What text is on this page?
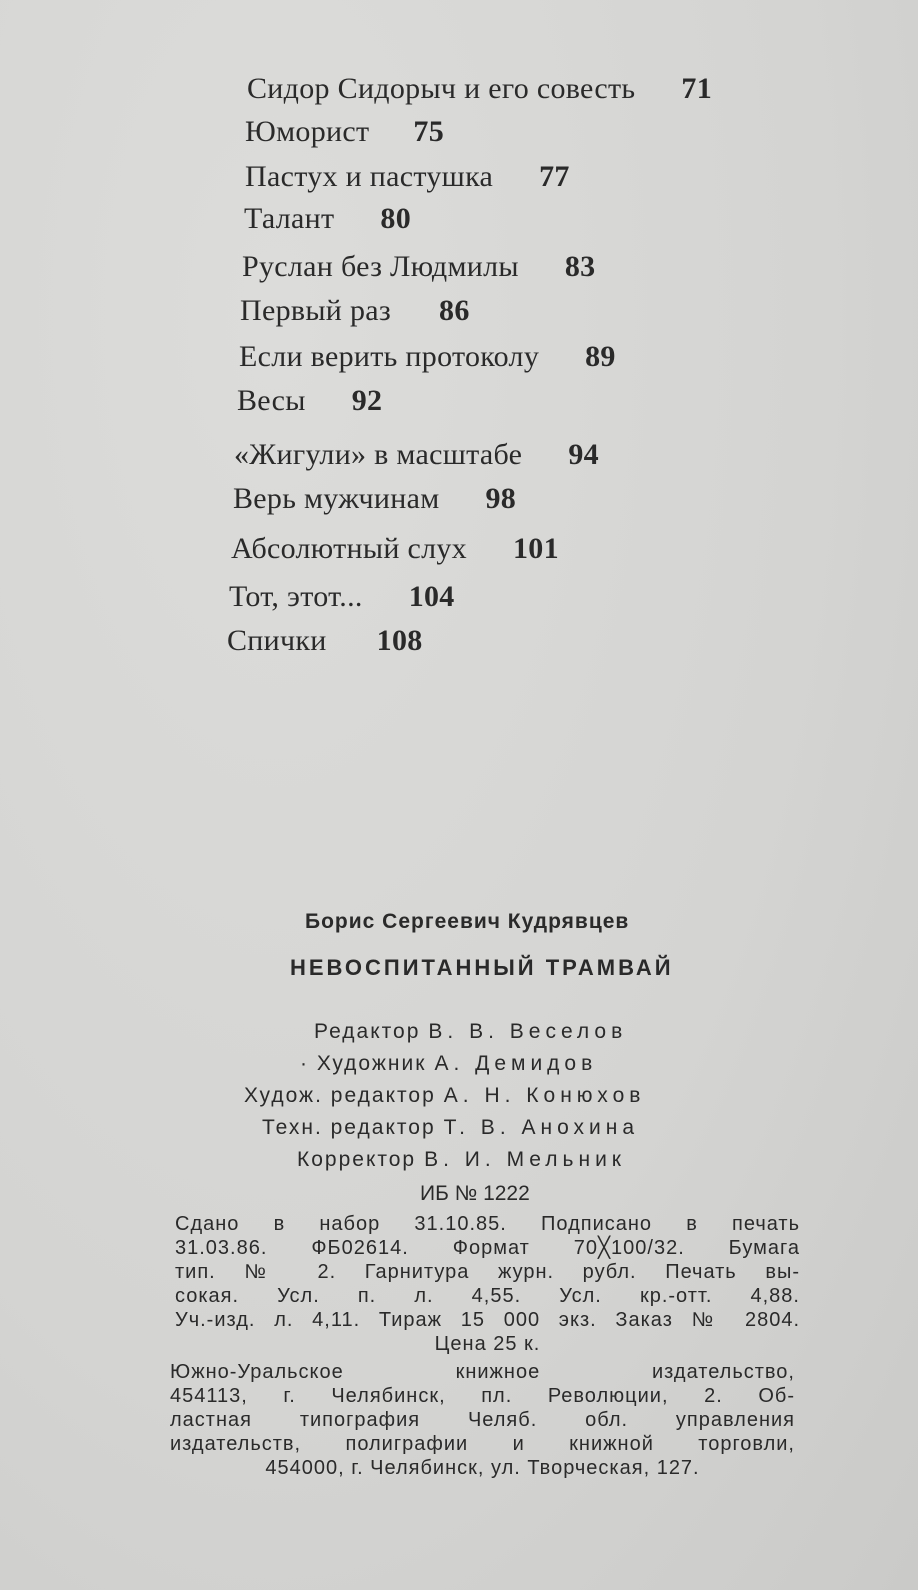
Сидор Сидорыч и его совесть 71
Юморист 75
Пастух и пастушка 77
Талант 80
Руслан без Людмилы 83
Первый раз 86
Если верить протоколу 89
Весы 92
«Жигули» в масштабе 94
Верь мужчинам 98
Абсолютный слух 101
Тот, этот... 104
Спички 108
Борис Сергеевич Кудрявцев
НЕВОСПИТАННЫЙ ТРАМВАЙ
Редактор В. В. Веселов
· Художник А. Демидов
Худож. редактор А. Н. Конюхов
Техн. редактор Т. В. Анохина
Корректор В. И. Мельник
ИБ № 1222
Сдано в набор 31.10.85. Подписано в печать
31.03.86. ФБ02614. Формат 70╳100/32. Бумага
тип. № 2. Гарнитура журн. рубл. Печать вы-
сокая. Усл. п. л. 4,55. Усл. кр.-отт. 4,88.
Уч.-изд. л. 4,11. Тираж 15 000 экз. Заказ № 2804.
Цена 25 к.
Южно-Уральское книжное издательство,
454113, г. Челябинск, пл. Революции, 2. Об-
ластная типография Челяб. обл. управления
издательств, полиграфии и книжной торговли,
454000, г. Челябинск, ул. Творческая, 127.
